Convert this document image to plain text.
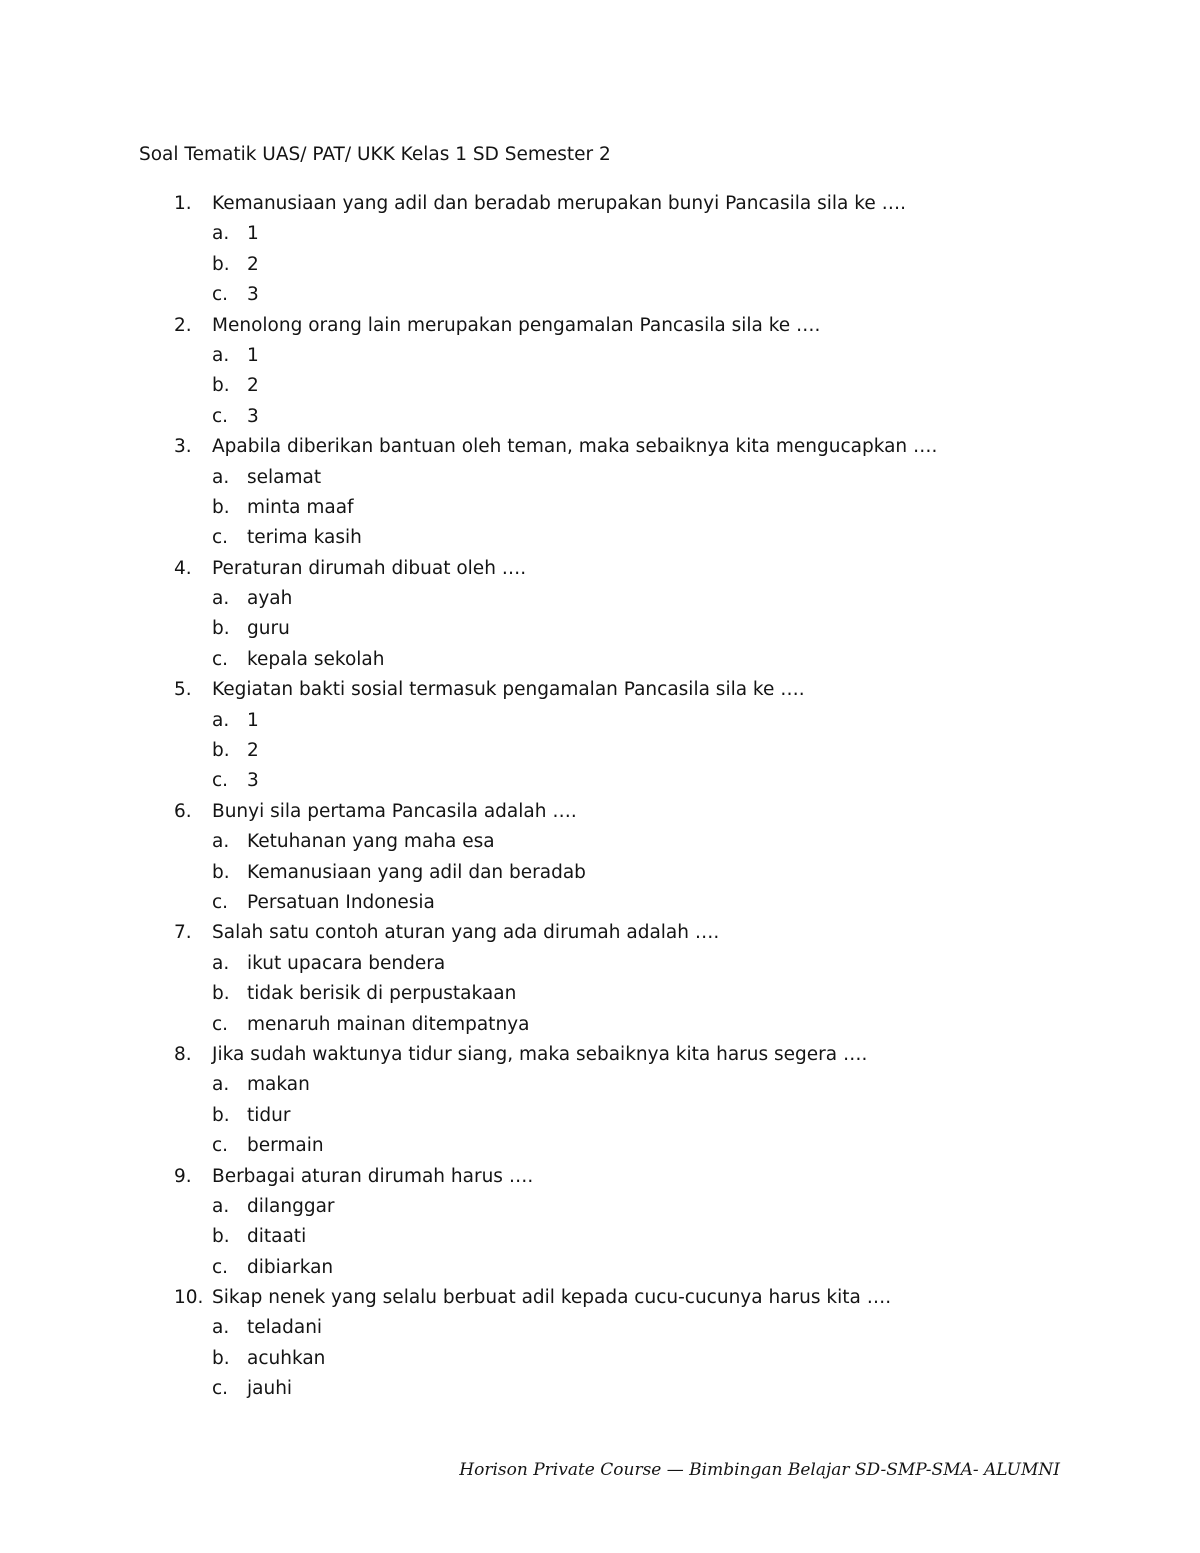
Soal Tematik UAS/ PAT/ UKK Kelas 1 SD Semester 2
1. Kemanusiaan yang adil dan beradab merupakan bunyi Pancasila sila ke ….
a. 1
b. 2
c. 3
2. Menolong orang lain merupakan pengamalan Pancasila sila ke ….
a. 1
b. 2
c. 3
3. Apabila diberikan bantuan oleh teman, maka sebaiknya kita mengucapkan ….
a. selamat
b. minta maaf
c. terima kasih
4. Peraturan dirumah dibuat oleh ….
a. ayah
b. guru
c. kepala sekolah
5. Kegiatan bakti sosial termasuk pengamalan Pancasila sila ke ….
a. 1
b. 2
c. 3
6. Bunyi sila pertama Pancasila adalah ….
a. Ketuhanan yang maha esa
b. Kemanusiaan yang adil dan beradab
c. Persatuan Indonesia
7. Salah satu contoh aturan yang ada dirumah adalah ….
a. ikut upacara bendera
b. tidak berisik di perpustakaan
c. menaruh mainan ditempatnya
8. Jika sudah waktunya tidur siang, maka sebaiknya kita harus segera ….
a. makan
b. tidur
c. bermain
9. Berbagai aturan dirumah harus ….
a. dilanggar
b. ditaati
c. dibiarkan
10. Sikap nenek yang selalu berbuat adil kepada cucu-cucunya harus kita ….
a. teladani
b. acuhkan
c. jauhi
Horison Private Course — Bimbingan Belajar SD-SMP-SMA- ALUMNI
